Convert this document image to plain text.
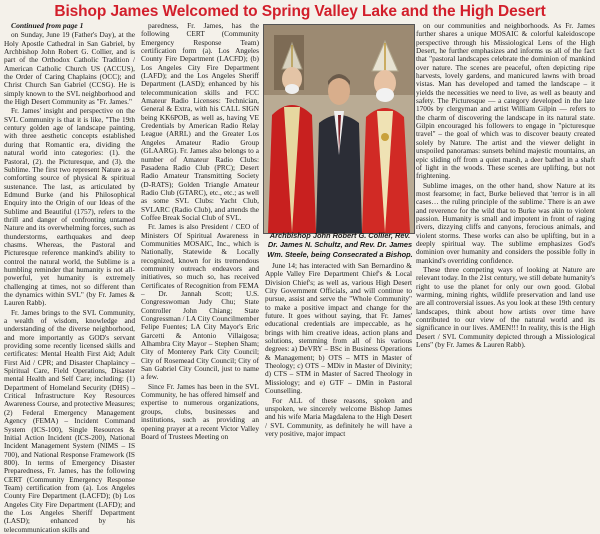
Bishop James Welcomed to Spring Valley Lake and the High Desert

Continued from page 1

on Sunday, June 19 (Father's Day), at the Holy Apostle Cathedral in San Gabriel, by Archbishop John Robert G. Collier, and is part of the Orthodox Catholic Tradition / American Catholic Church US (ACCUS), the Order of Caring Chaplains (OCC); and Christ Church San Gabriel (CCSG). He is simply known to the SVL neighborhood and the High Desert Community as "Fr. James."

Fr. James' insight and perspective on the SVL Community is that it is like, "The 19th century golden age of landscape painting, with three aesthetic concepts established during that Romantic era, dividing the natural world into categories: (1). the Pastoral, (2). the Picturesque, and (3). the Sublime. The first two represent Nature as a comforting source of physical & spiritual sustenance. The last, as articulated by Edmund Burke (and his Philosophical Enquiry into the Origin of our Ideas of the Sublime and Beautiful (1757), refers to the thrill and danger of confronting untamed Nature and its overwhelming forces, such as thunderstorms, earthquakes and deep chasms. Whereas, the Pastoral and Picturesque reference mankind's ability to control the natural world, the Sublime is a humbling reminder that humanity is not all-powerful, yet humanity is extremely challenging at times, not so different than the dynamics within SVL" (by Fr. James & Lauren Rabb).

Fr. James brings to the SVL Community, a wealth of wisdom, knowledge and understanding of the diverse neighborhood, and more importantly as GOD's servant providing some recently licensed skills and certificates: Mental Health First Aid; Adult First Aid / CPR; and Disaster Chaplaincy – Spiritual Care, Field Operations, Disaster mental Health and Self Care; including: (1) Department of Homeland Security (DHS) – Critical Infrastructure Key Resources Awareness Course, and protective Measures; (2) Federal Emergency Management Agency (FEMA) – Incident Command System (ICS-100), Single Resources & Initial Action Incident (ICS-200), National Incident Management System (NIMS – IS 700), and National Response Framework (IS 800). In terms of Emergency Disaster Preparedness, Fr. James, has the following CERT (Community Emergency Response Team) certification from (a). Los Angeles County Fire Department (LACFD); (b) Los Angeles City Fire Department (LAFD); and the Los Angeles Sheriff Department (LASD); enhanced by his telecommunication skills and

paredness, Fr. James, has the following CERT (Community Emergency Response Team) certification form (a). Los Angeles County Fire Department (LACFD); (b) Los Angeles City Fire Department (LAFD); and the Los Angeles Sheriff Department (LASD); enhanced by his telecommunication skills and FCC Amateur Radio Licenses: Technician, General & Extra, with his CALL SIGN being KK6POB, as well as, having VE Credentials by American Radio Relay League (ARRL) and the Greater Los Angeles Amateur Radio Group (GLAARG). Fr. James also belongs to a number of Amateur Radio Clubs: Pasadena Radio Club (PRC); Desert Radio Amateur Transmitting Society (D-RATS); Golden Triangle Amateur Radio Club (GTARC), etc., etc.; as well as some SVL Clubs: Yacht Club, SVLARC (Radio Club), and attends the Coffee Break Social Club of SVL.

Fr. James is also President / CEO of Ministers Of Spiritual Awareness in Communities MOSAIC, Inc., which is Nationally, Statewide & Locally recognized, known for its tremendous community outreach endeavors and initiatives, so much so, has received Certificates of Recognition from FEMA – Dr. Jannah Scott; U.S. Congresswoman Judy Chu; State Controller John Chiang; State Congressman / LA City Councilmember Felipe Fuentes; LA City Mayor's Eric Garcetti & Antonio Villaigosa; Alhambra City Mayor – Stephen Sham; City of Monterey Park City Council; City of Rosemead City Council; City of San Gabriel City Council, just to name a few.

Since Fr. James has been in the SVL Community, he has offered himself and expertise to numerous organizations, groups, clubs, businesses and institutions, such as providing an opening prayer at a recent Victor Valley Board of Trustees Meeting on

Archbishop John Robert G. Collier, Rev. Dr. James N. Schultz, and Rev. Dr. James Wm. Steele, being Consecrated a Bishop.

June 14; has interacted with San Bernardino & Apple Valley Fire Department Chief's & Local Division Chief's; as well as, various High Desert City Government Officials, and will continue to pursue, assist and serve the "Whole Community" to make a positive impact and change for the future. It goes without saying, that Fr. James' educational credentials are impeccable, as he brings with him creative ideas, action plans and solutions, stemming from all of his various degrees: a) DeVRY – BSc in Business Operations & Management; b) OTS – MTS in Master of Theology; c) OTS – MDiv in Master of Divinity; d) CTS – STM in Master of Sacred Theology in Missiology; and e) GTF – DMin in Pastoral Counselling.

For ALL of these reasons, spoken and unspoken, we sincerely welcome Bishop James and his wife Maria Magdalena to the High Desert / SVL Community, as definitely he will have a very positive, major impact

on our communities and neighborhoods. As Fr. James further shares a unique MOSAIC & colorful kaleidoscope perspective through his Missiological Lens of the High Desert, he further emphasizes and informs us all of the fact that "pastoral landscapes celebrate the dominion of mankind over nature. The scenes are peaceful, often depicting ripe harvests, lovely gardens, and manicured lawns with broad vistas. Man has developed and tamed the landscape – it yields the necessities we need to live, as well as beauty and safety. The Picturesque — a category developed in the late 1700s by clergyman and artist William Gilpin — refers to the charm of discovering the landscape in its natural state. Gilpin encouraged his followers to engage in "picturesque travel" – the goal of which was to discover beauty created solely by Nature. The artist and the viewer delight in unspoiled panoramas: sunsets behind majestic mountains, an epic sliding off from a quiet marsh, a deer bathed in a shaft of light in the woods. These scenes are uplifting, but not frightening.

Sublime images, on the other hand, show Nature at its most fearsome; in fact, Burke believed that 'terror is in all cases… the ruling principle of the sublime.' There is an awe and reverence for the wild that to Burke was akin to violent passion. Humanity is small and impotent in front of raging rivers, dizzying cliffs and canyons, ferocious animals, and violent storms. These works can also be uplifting, but in a deeply spiritual way. The sublime emphasizes God's dominion over humanity and considers the possible folly in mankind's overriding confidence.

These three competing ways of looking at Nature are relevant today. In the 21st century, we still debate humanity's right to use the planet for only our own good. Global warming, mining rights, wildlife preservation and land use are all controversial issues. As you look at these 19th century landscapes, think about how artists over time have contributed to our view of the natural world and its significance in our lives. AMEN!!! In reality, this is the High Desert / SVL Community depicted through a Missiological Lens" (by Fr. James & Lauren Rabb).
